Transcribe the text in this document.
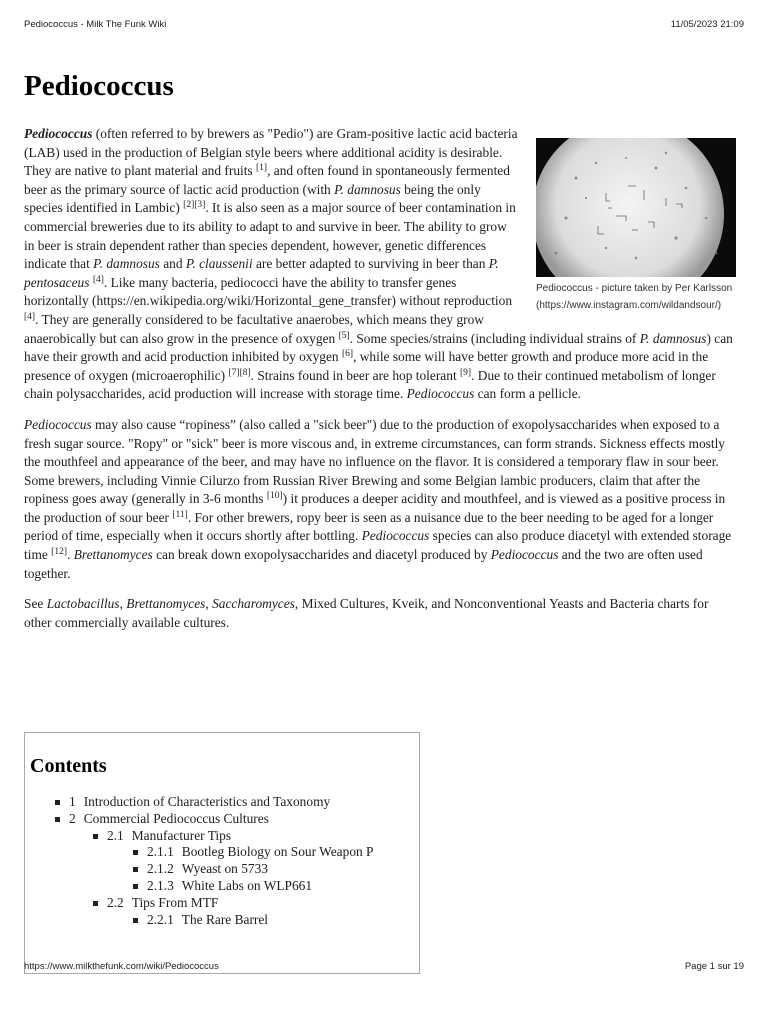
Pediococcus - Milk The Funk Wiki	11/05/2023 21:09
Pediococcus
Pediococcus - picture taken by Per Karlsson (https://www.instagram.com/wildandsour/)

Pediococcus (often referred to by brewers as "Pedio") are Gram-positive lactic acid bacteria (LAB) used in the production of Belgian style beers where additional acidity is desirable. They are native to plant material and fruits [1], and often found in spontaneously fermented beer as the primary source of lactic acid production (with P. damnosus being the only species identified in Lambic) [2][3]. It is also seen as a major source of beer contamination in commercial breweries due to its ability to adapt to and survive in beer. The ability to grow in beer is strain dependent rather than species dependent, however, genetic differences indicate that P. damnosus and P. claussenii are better adapted to surviving in beer than P. pentosaceus [4]. Like many bacteria, pediococci have the ability to transfer genes horizontally (https://en.wikipedia.org/wiki/Horizontal_gene_transfer) without reproduction [4]. They are generally considered to be facultative anaerobes, which means they grow anaerobically but can also grow in the presence of oxygen [5]. Some species/strains (including individual strains of P. damnosus) can have their growth and acid production inhibited by oxygen [6], while some will have better growth and produce more acid in the presence of oxygen (microaerophilic) [7][8]. Strains found in beer are hop tolerant [9]. Due to their continued metabolism of longer chain polysaccharides, acid production will increase with storage time. Pediococcus can form a pellicle.

Pediococcus may also cause “ropiness” (also called a "sick beer") due to the production of exopolysaccharides when exposed to a fresh sugar source. "Ropy" or "sick" beer is more viscous and, in extreme circumstances, can form strands. Sickness effects mostly the mouthfeel and appearance of the beer, and may have no influence on the flavor. It is considered a temporary flaw in sour beer. Some brewers, including Vinnie Cilurzo from Russian River Brewing and some Belgian lambic producers, claim that after the ropiness goes away (generally in 3-6 months [10]) it produces a deeper acidity and mouthfeel, and is viewed as a positive process in the production of sour beer [11]. For other brewers, ropy beer is seen as a nuisance due to the beer needing to be aged for a longer period of time, especially when it occurs shortly after bottling. Pediococcus species can also produce diacetyl with extended storage time [12]. Brettanomyces can break down exopolysaccharides and diacetyl produced by Pediococcus and the two are often used together.

See Lactobacillus, Brettanomyces, Saccharomyces, Mixed Cultures, Kveik, and Nonconventional Yeasts and Bacteria charts for other commercially available cultures.

Contents
1 Introduction of Characteristics and Taxonomy
2 Commercial Pediococcus Cultures
2.1 Manufacturer Tips
2.1.1 Bootleg Biology on Sour Weapon P
2.1.2 Wyeast on 5733
2.1.3 White Labs on WLP661
2.2 Tips From MTF
2.2.1 The Rare Barrel
https://www.milkthefunk.com/wiki/Pediococcus	Page 1 sur 19
